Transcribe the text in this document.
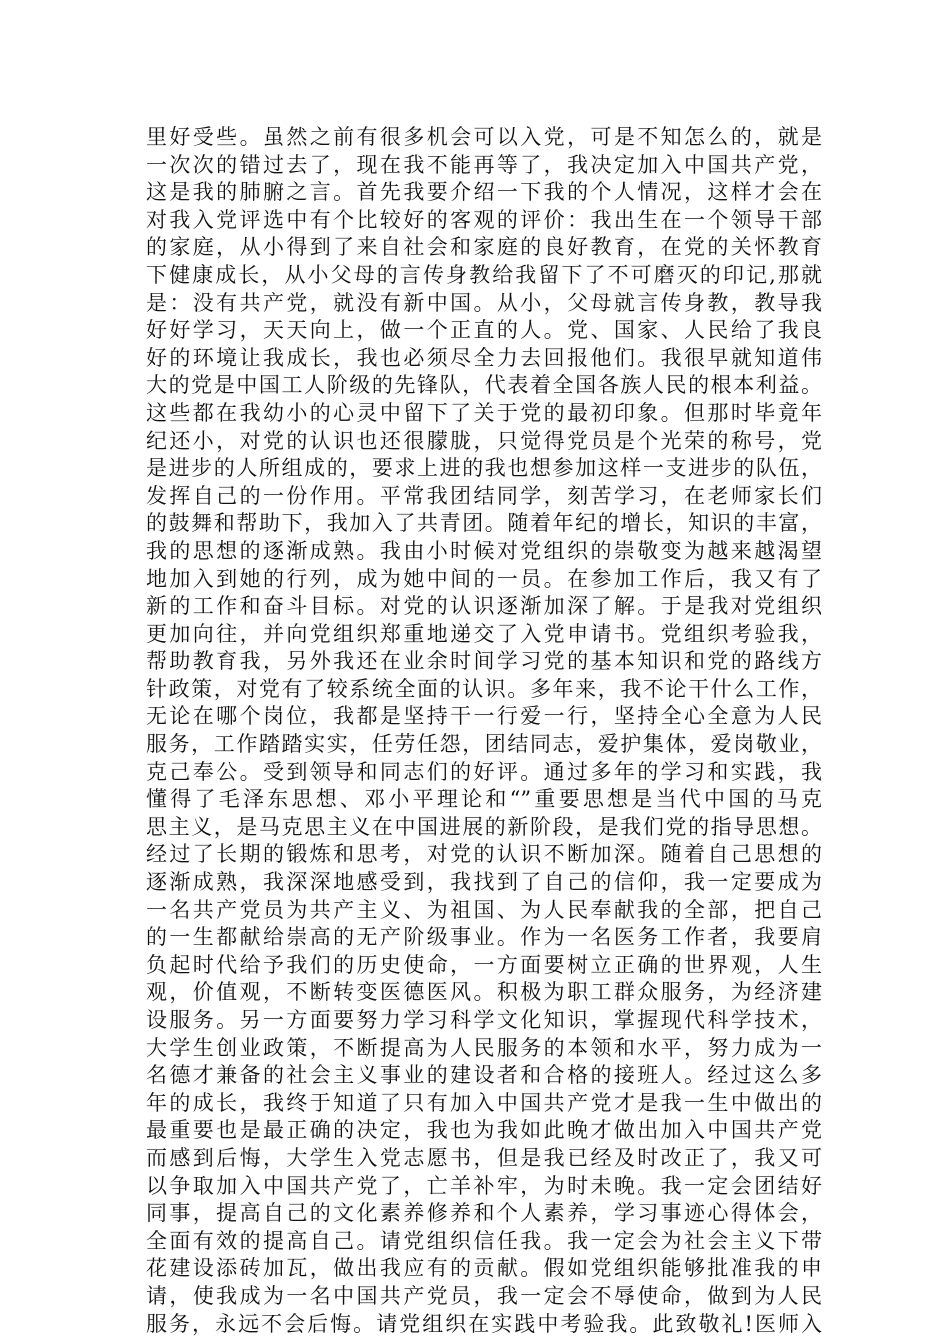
里好受些。虽然之前有很多机会可以入党，可是不知怎么的，就是
一次次的错过去了，现在我不能再等了，我决定加入中国共产党，
这是我的肺腑之言。首先我要介绍一下我的个人情况，这样才会在
对我入党评选中有个比较好的客观的评价：我出生在一个领导干部
的家庭，从小得到了来自社会和家庭的良好教育，在党的关怀教育
下健康成长，从小父母的言传身教给我留下了不可磨灭的印记,那就
是：没有共产党，就没有新中国。从小，父母就言传身教，教导我
好好学习，天天向上，做一个正直的人。党、国家、人民给了我良
好的环境让我成长，我也必须尽全力去回报他们。我很早就知道伟
大的党是中国工人阶级的先锋队，代表着全国各族人民的根本利益。
这些都在我幼小的心灵中留下了关于党的最初印象。但那时毕竟年
纪还小，对党的认识也还很朦胧，只觉得党员是个光荣的称号，党
是进步的人所组成的，要求上进的我也想参加这样一支进步的队伍，
发挥自己的一份作用。平常我团结同学，刻苦学习，在老师家长们
的鼓舞和帮助下，我加入了共青团。随着年纪的增长，知识的丰富，
我的思想的逐渐成熟。我由小时候对党组织的崇敬变为越来越渴望
地加入到她的行列，成为她中间的一员。在参加工作后，我又有了
新的工作和奋斗目标。对党的认识逐渐加深了解。于是我对党组织
更加向往，并向党组织郑重地递交了入党申请书。党组织考验我，
帮助教育我，另外我还在业余时间学习党的基本知识和党的路线方
针政策，对党有了较系统全面的认识。多年来，我不论干什么工作，
无论在哪个岗位，我都是坚持干一行爱一行，坚持全心全意为人民
服务，工作踏踏实实，任劳任怨，团结同志，爱护集体，爱岗敬业，
克己奉公。受到领导和同志们的好评。通过多年的学习和实践，我
懂得了毛泽东思想、邓小平理论和“”重要思想是当代中国的马克
思主义，是马克思主义在中国进展的新阶段，是我们党的指导思想。
经过了长期的锻炼和思考，对党的认识不断加深。随着自己思想的
逐渐成熟，我深深地感受到，我找到了自己的信仰，我一定要成为
一名共产党员为共产主义、为祖国、为人民奉献我的全部，把自己
的一生都献给崇高的无产阶级事业。作为一名医务工作者，我要肩
负起时代给予我们的历史使命，一方面要树立正确的世界观，人生
观，价值观，不断转变医德医风。积极为职工群众服务，为经济建
设服务。另一方面要努力学习科学文化知识，掌握现代科学技术，
大学生创业政策，不断提高为人民服务的本领和水平，努力成为一
名德才兼备的社会主义事业的建设者和合格的接班人。经过这么多
年的成长，我终于知道了只有加入中国共产党才是我一生中做出的
最重要也是最正确的决定，我也为我如此晚才做出加入中国共产党
而感到后悔，大学生入党志愿书，但是我已经及时改正了，我又可
以争取加入中国共产党了，亡羊补牢，为时未晚。我一定会团结好
同事，提高自己的文化素养修养和个人素养，学习事迹心得体会，
全面有效的提高自己。请党组织信任我。我一定会为社会主义下带
花建设添砖加瓦，做出我应有的贡献。假如党组织能够批准我的申
请，使我成为一名中国共产党员，我一定会不辱使命，做到为人民
服务，永远不会后悔。请党组织在实践中考验我。此致敬礼!医师入
